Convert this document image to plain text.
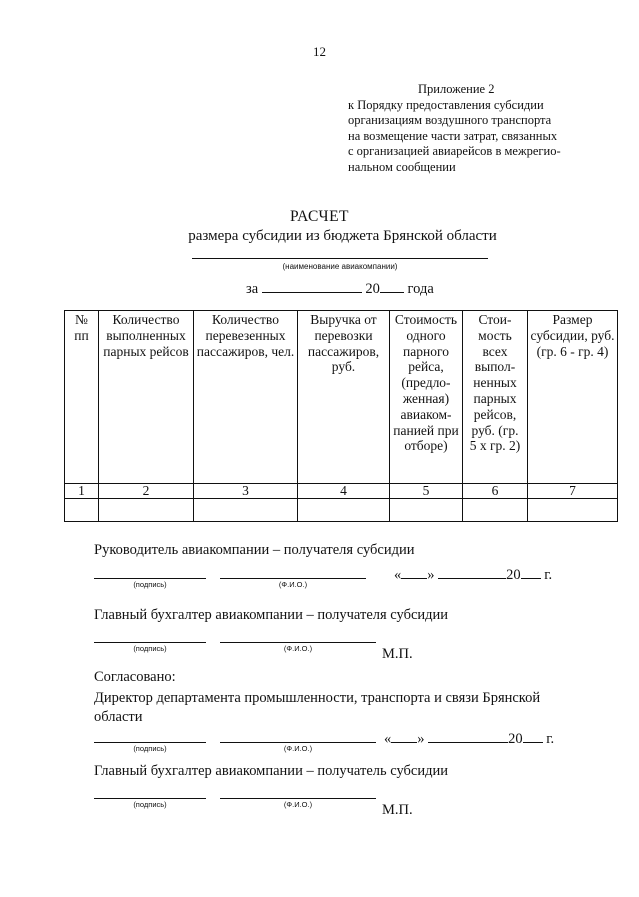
12
Приложение 2
к Порядку предоставления субсидии
организациям воздушного транспорта
на возмещение части затрат, связанных
с организацией авиарейсов в межрегио-
нальном сообщении
РАСЧЕТ
размера субсидии из бюджета Брянской области
(наименование авиакомпании)
за	20 года
№ пп	Количество выполненных парных рейсов	Количество перевезенных пассажиров, чел.	Выручка от перевозки пассажиров, руб.	Стоимость одного парного рейса, (предло-женная) авиаком-панией при отборе)	Стои-мость всех выпол-ненных парных рейсов, руб. (гр. 5 х гр. 2)	Размер субсидии, руб. (гр. 6 - гр. 4)
1	2	3	4	5	6	7

Руководитель авиакомпании – получателя субсидии
(подпись)	(Ф.И.О.)
« »	20 г.
Главный бухгалтер авиакомпании – получателя субсидии
(подпись)	(Ф.И.О.)	М.П.
Согласовано:
Директор департамента промышленности, транспорта и связи Брянской области
(подпись)	(Ф.И.О.)
« »	20 г.
Главный бухгалтер авиакомпании – получатель субсидии
(подпись)	(Ф.И.О.)	М.П.
